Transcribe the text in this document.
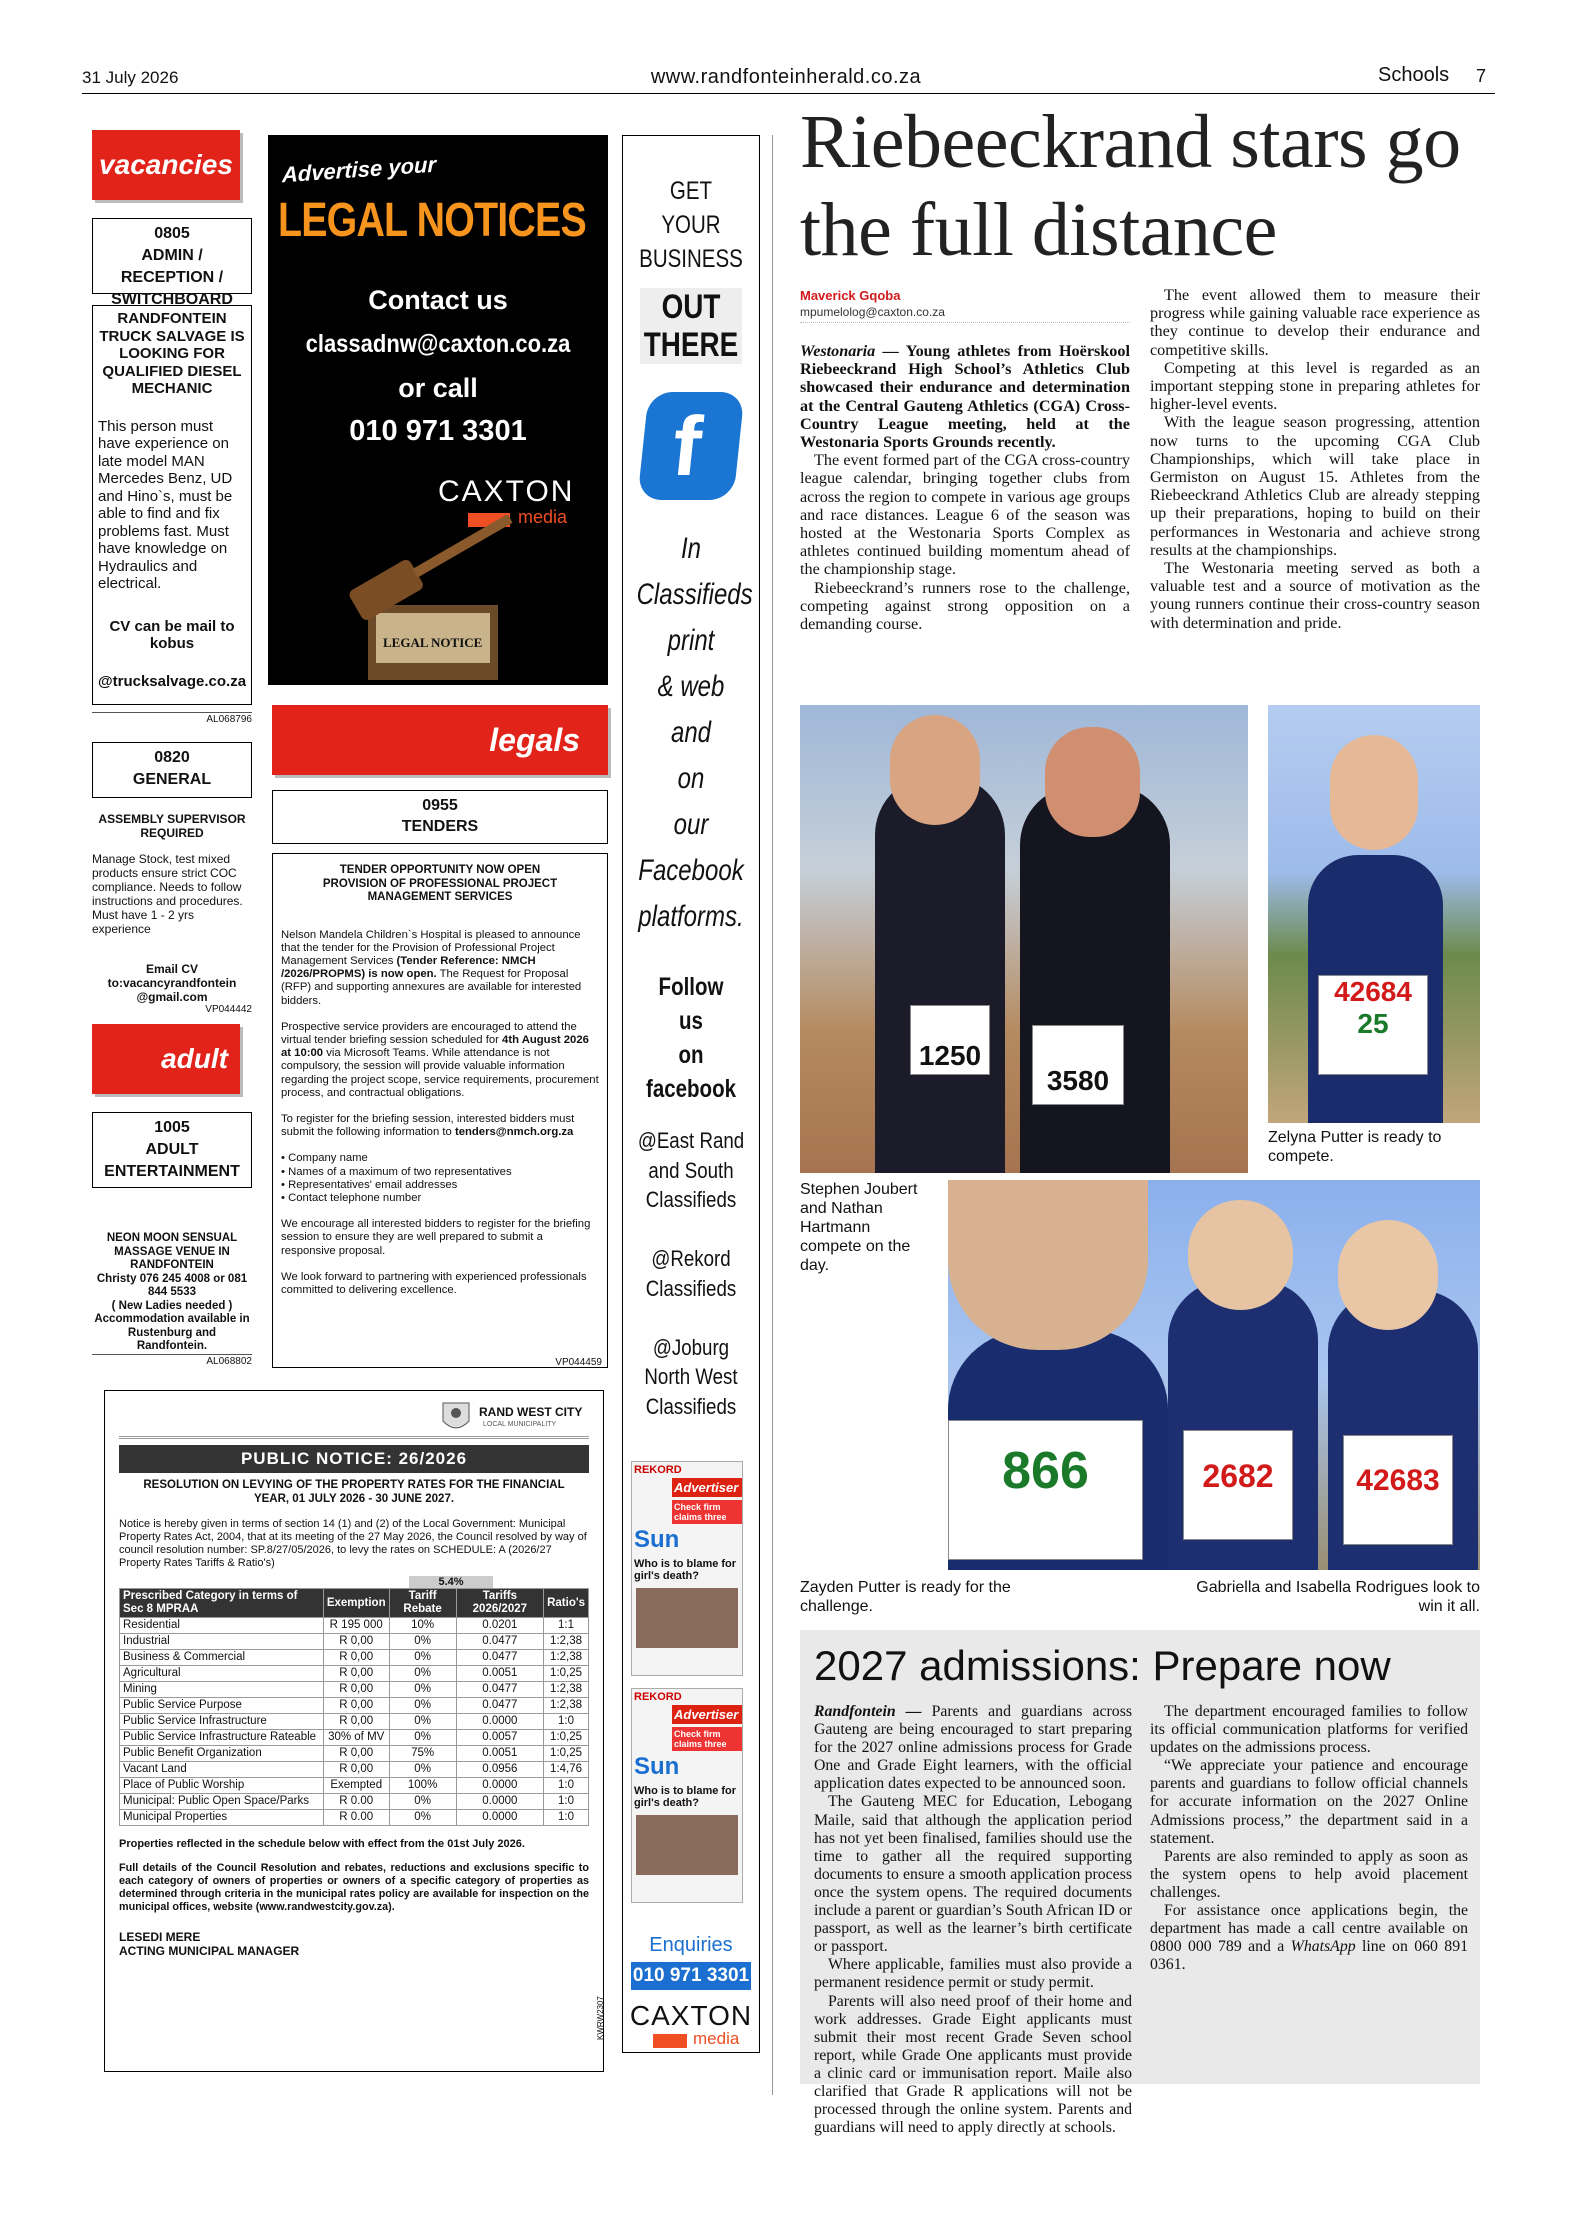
31 July 2026	www.randfonteinherald.co.za	Schools 7
vacancies
0805
ADMIN / RECEPTION / SWITCHBOARD
RANDFONTEIN TRUCK SALVAGE IS LOOKING FOR QUALIFIED DIESEL MECHANIC
This person must have experience on late model MAN Mercedes Benz, UD and Hino`s, must be able to find and fix problems fast. Must have knowledge on Hydraulics and electrical.
CV can be mail to kobus
@trucksalvage.co.za
AL068796
0820
GENERAL
ASSEMBLY SUPERVISOR REQUIRED
Manage Stock, test mixed products ensure strict COC compliance. Needs to follow instructions and procedures.
Must have 1 - 2 yrs experience
Email CV to:vacancyrandfontein @gmail.com
VP044442
adult
1005
ADULT ENTERTAINMENT
NEON MOON SENSUAL MASSAGE VENUE IN RANDFONTEIN
Christy 076 245 4008 or 081 844 5533
( New Ladies needed )
Accommodation available in Rustenburg and Randfontein.
AL068802
Advertise your
LEGAL NOTICES
Contact us
classadnw@caxton.co.za
or call
010 971 3301
CAXTON
media
LEGAL NOTICE
legals
0955
TENDERS
TENDER OPPORTUNITY NOW OPEN
PROVISION OF PROFESSIONAL PROJECT MANAGEMENT SERVICES
Nelson Mandela Children`s Hospital is pleased to announce that the tender for the Provision of Professional Project Management Services (Tender Reference: NMCH /2026/PROPMS) is now open. The Request for Proposal (RFP) and supporting annexures are available for interested bidders.
Prospective service providers are encouraged to attend the virtual tender briefing session scheduled for 4th August 2026 at 10:00 via Microsoft Teams. While attendance is not compulsory, the session will provide valuable information regarding the project scope, service requirements, procurement process, and contractual obligations.
To register for the briefing session, interested bidders must submit the following information to tenders@nmch.org.za
• Company name
• Names of a maximum of two representatives
• Representatives' email addresses
• Contact telephone number
We encourage all interested bidders to register for the briefing session to ensure they are well prepared to submit a responsive proposal.
We look forward to partnering with experienced professionals committed to delivering excellence.
VP044459
RAND WEST CITY
LOCAL MUNICIPALITY
PUBLIC NOTICE: 26/2026
RESOLUTION ON LEVYING OF THE PROPERTY RATES FOR THE FINANCIAL YEAR, 01 JULY 2026 - 30 JUNE 2027.
Notice is hereby given in terms of section 14 (1) and (2) of the Local Government: Municipal Property Rates Act, 2004, that at its meeting of the 27 May 2026, the Council resolved by way of council resolution number: SP.8/27/05/2026, to levy the rates on SCHEDULE: A (2026/27 Property Rates Tariffs & Ratio's)
5.4%
Prescribed Category in terms of Sec 8 MPRAA	Exemption	Tariff Rebate	Tariffs 2026/2027	Ratio's
Residential	R 195 000	10%	0.0201	1:1
Industrial	R 0,00	0%	0.0477	1:2,38
Business & Commercial	R 0,00	0%	0.0477	1:2,38
Agricultural	R 0,00	0%	0.0051	1:0,25
Mining	R 0,00	0%	0.0477	1:2,38
Public Service Purpose	R 0,00	0%	0.0477	1:2,38
Public Service Infrastructure	R 0,00	0%	0.0000	1:0
Public Service Infrastructure Rateable	30% of MV	0%	0.0057	1:0,25
Public Benefit Organization	R 0,00	75%	0.0051	1:0,25
Vacant Land	R 0,00	0%	0.0956	1:4,76
Place of Public Worship	Exempted	100%	0.0000	1:0
Municipal: Public Open Space/Parks	R 0.00	0%	0.0000	1:0
Municipal Properties	R 0.00	0%	0.0000	1:0
Properties reflected in the schedule below with effect from the 01st July 2026.
Full details of the Council Resolution and rebates, reductions and exclusions specific to each category of owners of properties or owners of a specific category of properties as determined through criteria in the municipal rates policy are available for inspection on the municipal offices, website (www.randwestcity.gov.za).
LESEDI MERE
ACTING MUNICIPAL MANAGER
KWRW2307
GET
YOUR
BUSINESS
OUT
THERE
f
In
Classifieds
print
& web
and
on
our
Facebook
platforms.
Follow
us
on
facebook
@East Rand
and South
Classifieds

@Rekord
Classifieds

@Joburg
North West
Classifieds
REKORD
Advertiser
Check firm claims three
Sun
Who is to blame for girl's death?
REKORD
Advertiser
Check firm claims three
Sun
Who is to blame for girl's death?
Enquiries
010 971 3301
CAXTON
media
Riebeeckrand stars go the full distance
Maverick Gqoba
mpumelolog@caxton.co.za
Westonaria — Young athletes from Hoërskool Riebeeckrand High School’s Athletics Club showcased their endurance and determination at the Central Gauteng Athletics (CGA) Cross-Country League meeting, held at the Westonaria Sports Grounds recently.

The event formed part of the CGA cross-country league calendar, bringing together clubs from across the region to compete in various age groups and race distances. League 6 of the season was hosted at the Westonaria Sports Complex as athletes continued building momentum ahead of the championship stage.

Riebeeckrand’s runners rose to the challenge, competing against strong opposition on a demanding course.

The event allowed them to measure their progress while gaining valuable race experience as they continue to develop their endurance and competitive skills.

Competing at this level is regarded as an important stepping stone in preparing athletes for higher-level events.

With the league season progressing, attention now turns to the upcoming CGA Club Championships, which will take place in Germiston on August 15. Athletes from the Riebeeckrand Athletics Club are already stepping up their preparations, hoping to build on their performances in Westonaria and achieve strong results at the championships.

The Westonaria meeting served as both a valuable test and a source of motivation as the young runners continue their cross-country season with determination and pride.

1250
3580
Stephen Joubert and Nathan Hartmann compete on the day.
42684
25
Zelyna Putter is ready to compete.
866	2682	42683
Zayden Putter is ready for the challenge.
Gabriella and Isabella Rodrigues look to win it all.
2027 admissions: Prepare now
Randfontein — Parents and guardians across Gauteng are being encouraged to start preparing for the 2027 online admissions process for Grade One and Grade Eight learners, with the official application dates expected to be announced soon.

The Gauteng MEC for Education, Lebogang Maile, said that although the application period has not yet been finalised, families should use the time to gather all the required supporting documents to ensure a smooth application process once the system opens. The required documents include a parent or guardian’s South African ID or passport, as well as the learner’s birth certificate or passport.

Where applicable, families must also provide a permanent residence permit or study permit.

Parents will also need proof of their home and work addresses. Grade Eight applicants must submit their most recent Grade Seven school report, while Grade One applicants must provide a clinic card or immunisation report. Maile also clarified that Grade R applications will not be processed through the online system. Parents and guardians will need to apply directly at schools.

The department encouraged families to follow its official communication platforms for verified updates on the admissions process.

“We appreciate your patience and encourage parents and guardians to follow official channels for accurate information on the 2027 Online Admissions process,” the department said in a statement.

Parents are also reminded to apply as soon as the system opens to help avoid placement challenges.

For assistance once applications begin, the department has made a call centre available on 0800 000 789 and a WhatsApp line on 060 891 0361.
